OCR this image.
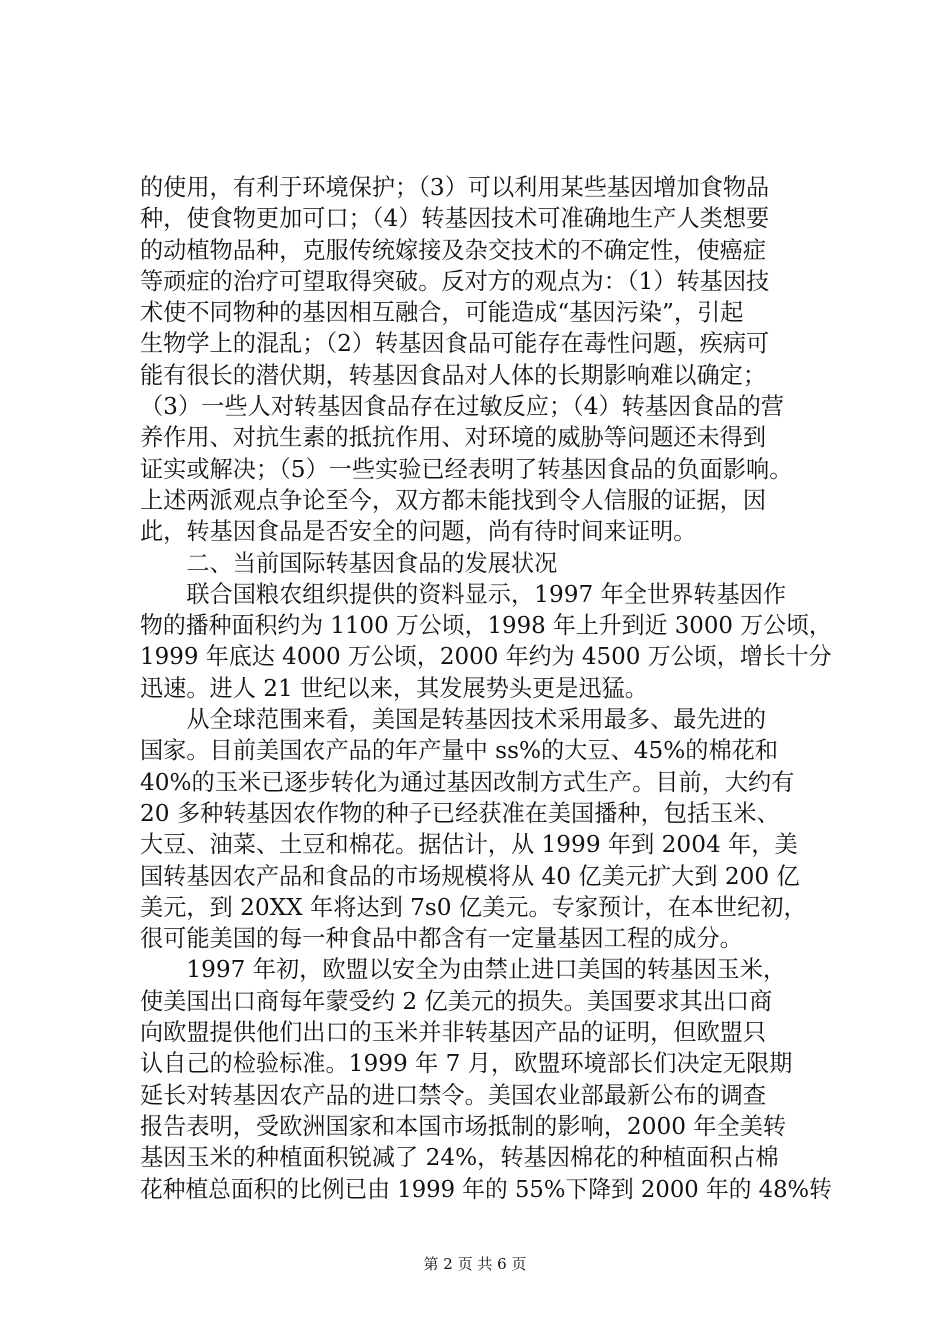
的使用，有利于环境保护；（3）可以利用某些基因增加食物品
种，使食物更加可口；（4）转基因技术可准确地生产人类想要
的动植物品种，克服传统嫁接及杂交技术的不确定性，使癌症
等顽症的治疗可望取得突破。反对方的观点为：（1）转基因技
术使不同物种的基因相互融合，可能造成“基因污染”，引起
生物学上的混乱；（2）转基因食品可能存在毒性问题，疾病可
能有很长的潜伏期，转基因食品对人体的长期影响难以确定；
（3）一些人对转基因食品存在过敏反应；（4）转基因食品的营
养作用、对抗生素的抵抗作用、对环境的威胁等问题还未得到
证实或解决；（5）一些实验已经表明了转基因食品的负面影响。
上述两派观点争论至今，双方都未能找到令人信服的证据，因
此，转基因食品是否安全的问题，尚有待时间来证明。
　　二、当前国际转基因食品的发展状况
　　联合国粮农组织提供的资料显示，1997 年全世界转基因作
物的播种面积约为 1100 万公顷，1998 年上升到近 3000 万公顷，
1999 年底达 4000 万公顷，2000 年约为 4500 万公顷，增长十分
迅速。进人 21 世纪以来，其发展势头更是迅猛。
　　从全球范围来看，美国是转基因技术采用最多、最先进的
国家。目前美国农产品的年产量中 ss%的大豆、45%的棉花和
40%的玉米已逐步转化为通过基因改制方式生产。目前，大约有
20 多种转基因农作物的种子已经获准在美国播种，包括玉米、
大豆、油菜、土豆和棉花。据估计，从 1999 年到 2004 年，美
国转基因农产品和食品的市场规模将从 40 亿美元扩大到 200 亿
美元，到 20XX 年将达到 7s0 亿美元。专家预计，在本世纪初，
很可能美国的每一种食品中都含有一定量基因工程的成分。
　　1997 年初，欧盟以安全为由禁止进口美国的转基因玉米，
使美国出口商每年蒙受约 2 亿美元的损失。美国要求其出口商
向欧盟提供他们出口的玉米并非转基因产品的证明，但欧盟只
认自己的检验标准。1999 年 7 月，欧盟环境部长们决定无限期
延长对转基因农产品的进口禁令。美国农业部最新公布的调查
报告表明，受欧洲国家和本国市场抵制的影响，2000 年全美转
基因玉米的种植面积锐减了 24%，转基因棉花的种植面积占棉
花种植总面积的比例已由 1999 年的 55%下降到 2000 年的 48%转
第 2 页 共 6 页
